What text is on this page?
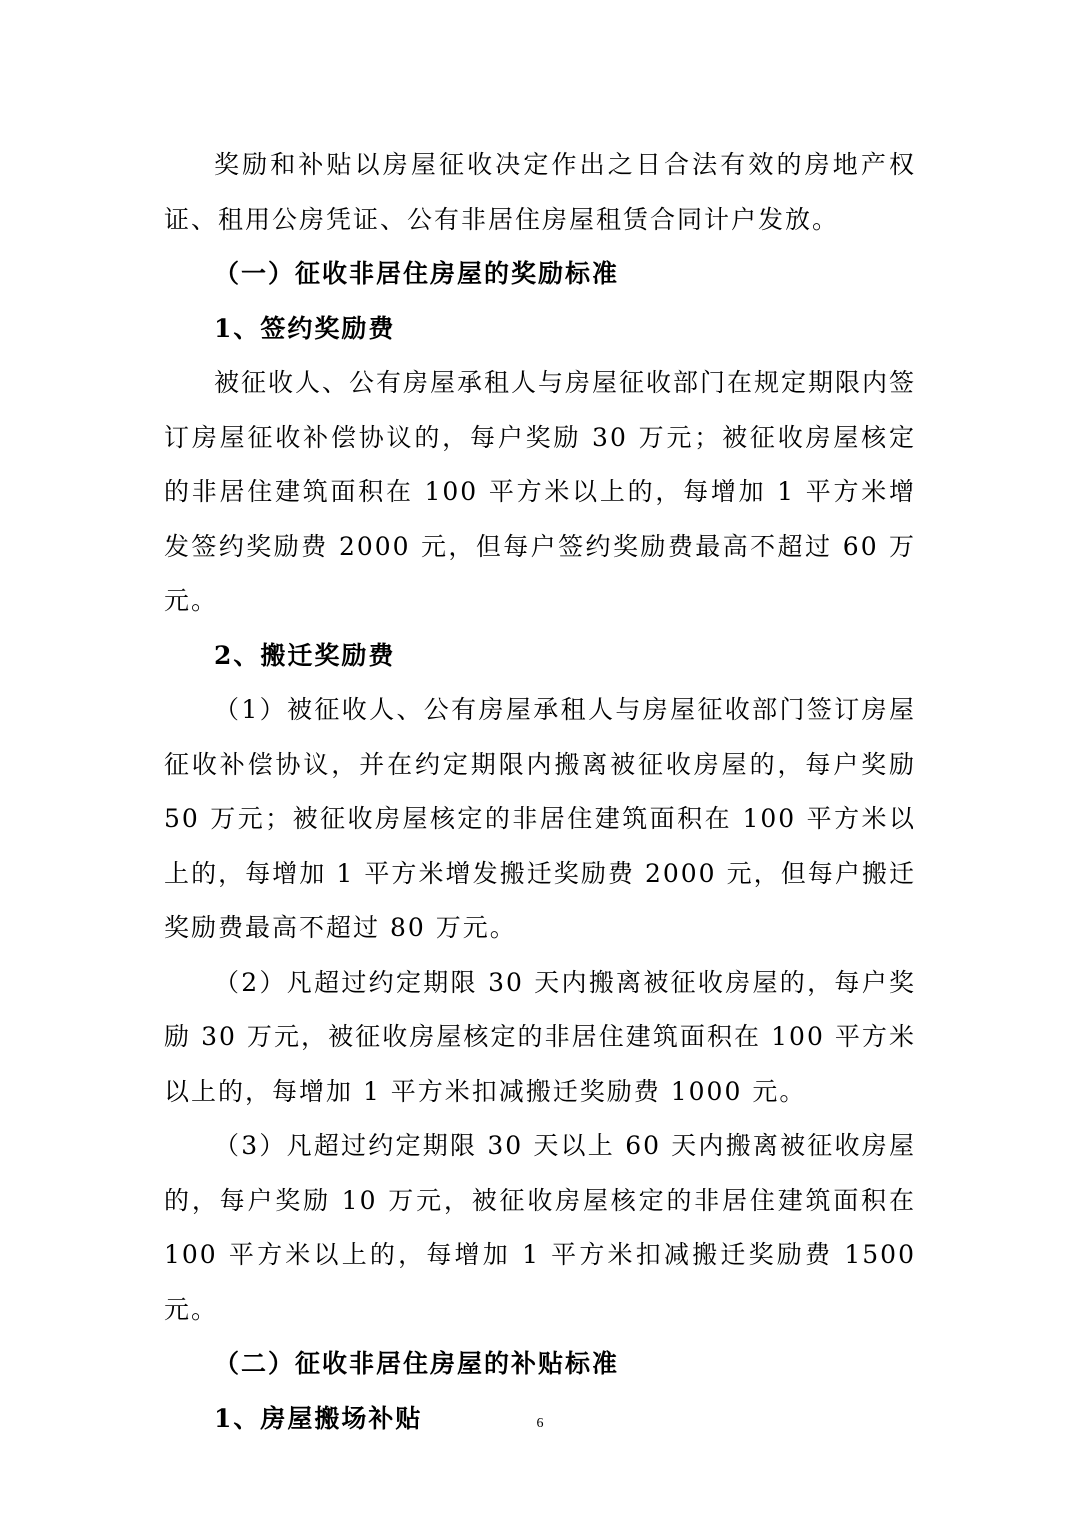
奖励和补贴以房屋征收决定作出之日合法有效的房地产权证、租用公房凭证、公有非居住房屋租赁合同计户发放。

（一）征收非居住房屋的奖励标准

1、签约奖励费

被征收人、公有房屋承租人与房屋征收部门在规定期限内签订房屋征收补偿协议的，每户奖励 30 万元；被征收房屋核定的非居住建筑面积在 100 平方米以上的，每增加 1 平方米增发签约奖励费 2000 元，但每户签约奖励费最高不超过 60 万元。

2、搬迁奖励费

（1）被征收人、公有房屋承租人与房屋征收部门签订房屋征收补偿协议，并在约定期限内搬离被征收房屋的，每户奖励 50 万元；被征收房屋核定的非居住建筑面积在 100 平方米以上的，每增加 1 平方米增发搬迁奖励费 2000 元，但每户搬迁奖励费最高不超过 80 万元。

（2）凡超过约定期限 30 天内搬离被征收房屋的，每户奖励 30 万元，被征收房屋核定的非居住建筑面积在 100 平方米以上的，每增加 1 平方米扣减搬迁奖励费 1000 元。

（3）凡超过约定期限 30 天以上 60 天内搬离被征收房屋的，每户奖励 10 万元，被征收房屋核定的非居住建筑面积在 100 平方米以上的，每增加 1 平方米扣减搬迁奖励费 1500 元。

（二）征收非居住房屋的补贴标准

1、房屋搬场补贴	6
